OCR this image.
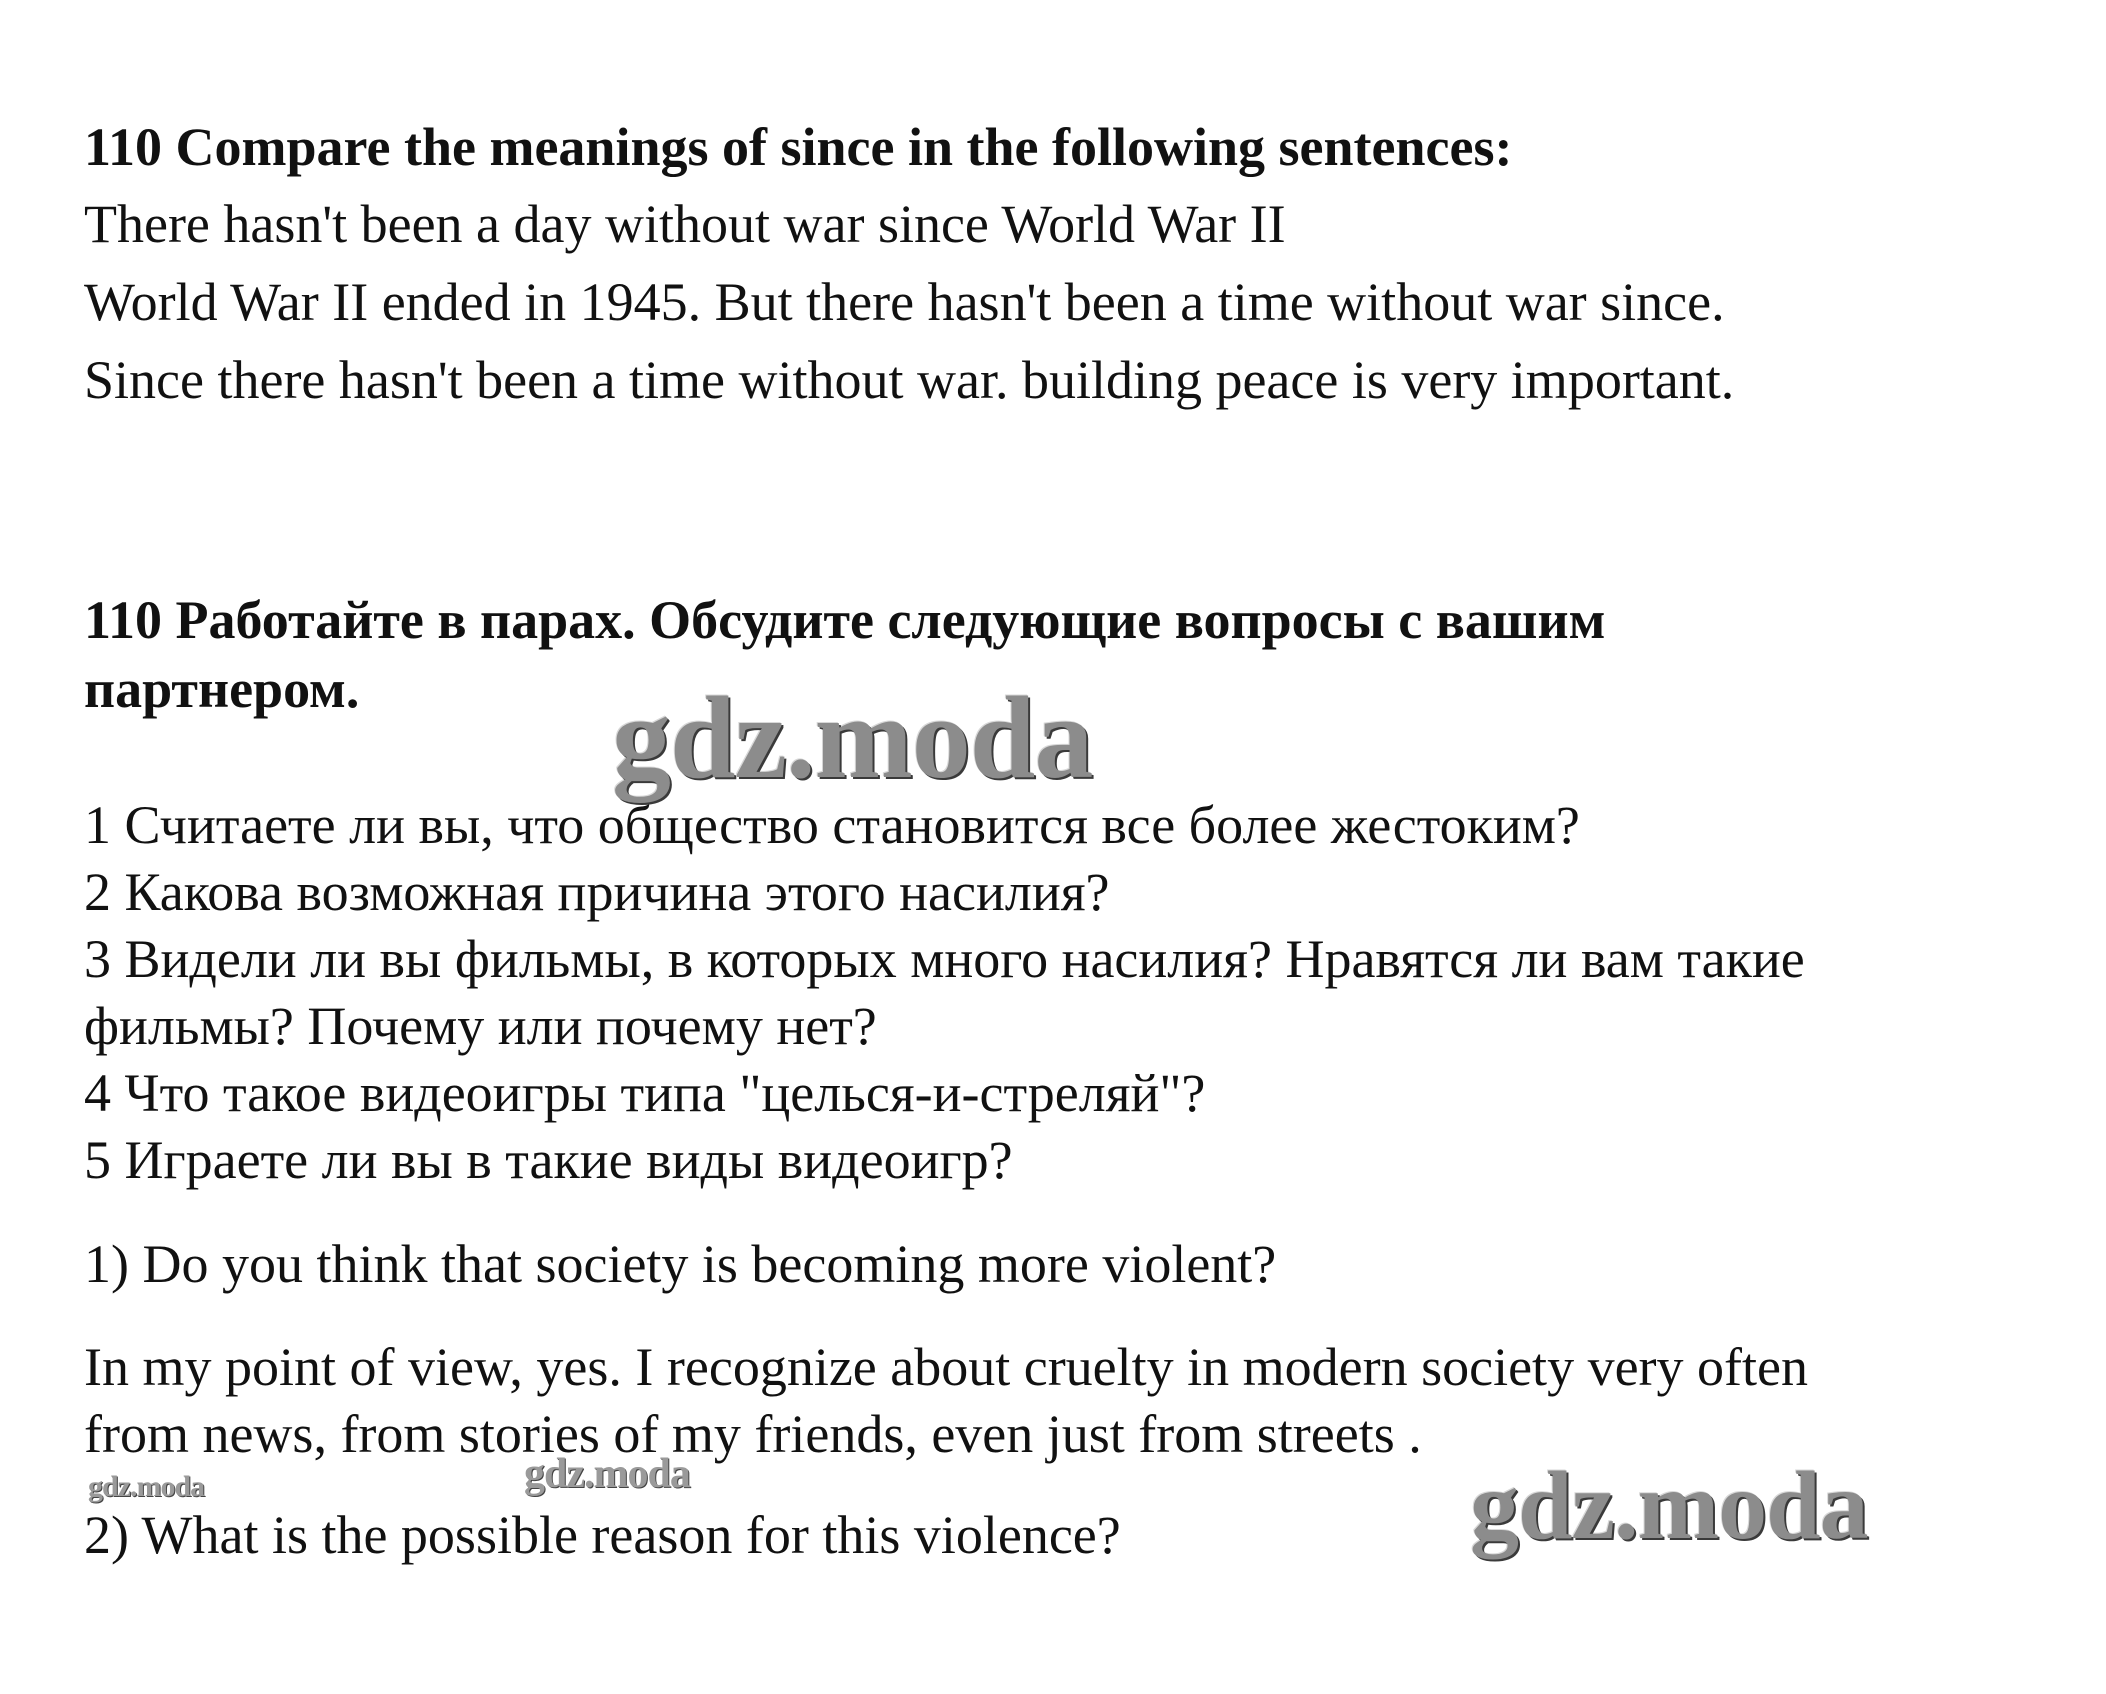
110 Compare the meanings of since in the following sentences:
There hasn't been a day without war since World War II
World War II ended in 1945. But there hasn't been a time without war since.
Since there hasn't been a time without war. building peace is very important.
110 Работайте в парах. Обсудите следующие вопросы с вашим
партнером.
1 Считаете ли вы, что общество становится все более жестоким?
2 Какова возможная причина этого насилия?
3 Видели ли вы фильмы, в которых много насилия? Нравятся ли вам такие
фильмы? Почему или почему нет?
4 Что такое видеоигры типа "целься-и-стреляй"?
5 Играете ли вы в такие виды видеоигр?
1) Do you think that society is becoming more violent?
In my point of view, yes. I recognize about cruelty in modern society very often
from news, from stories of my friends, even just from streets .
2) What is the possible reason for this violence?
gdz.moda
gdz.moda
gdz.moda
gdz.moda
